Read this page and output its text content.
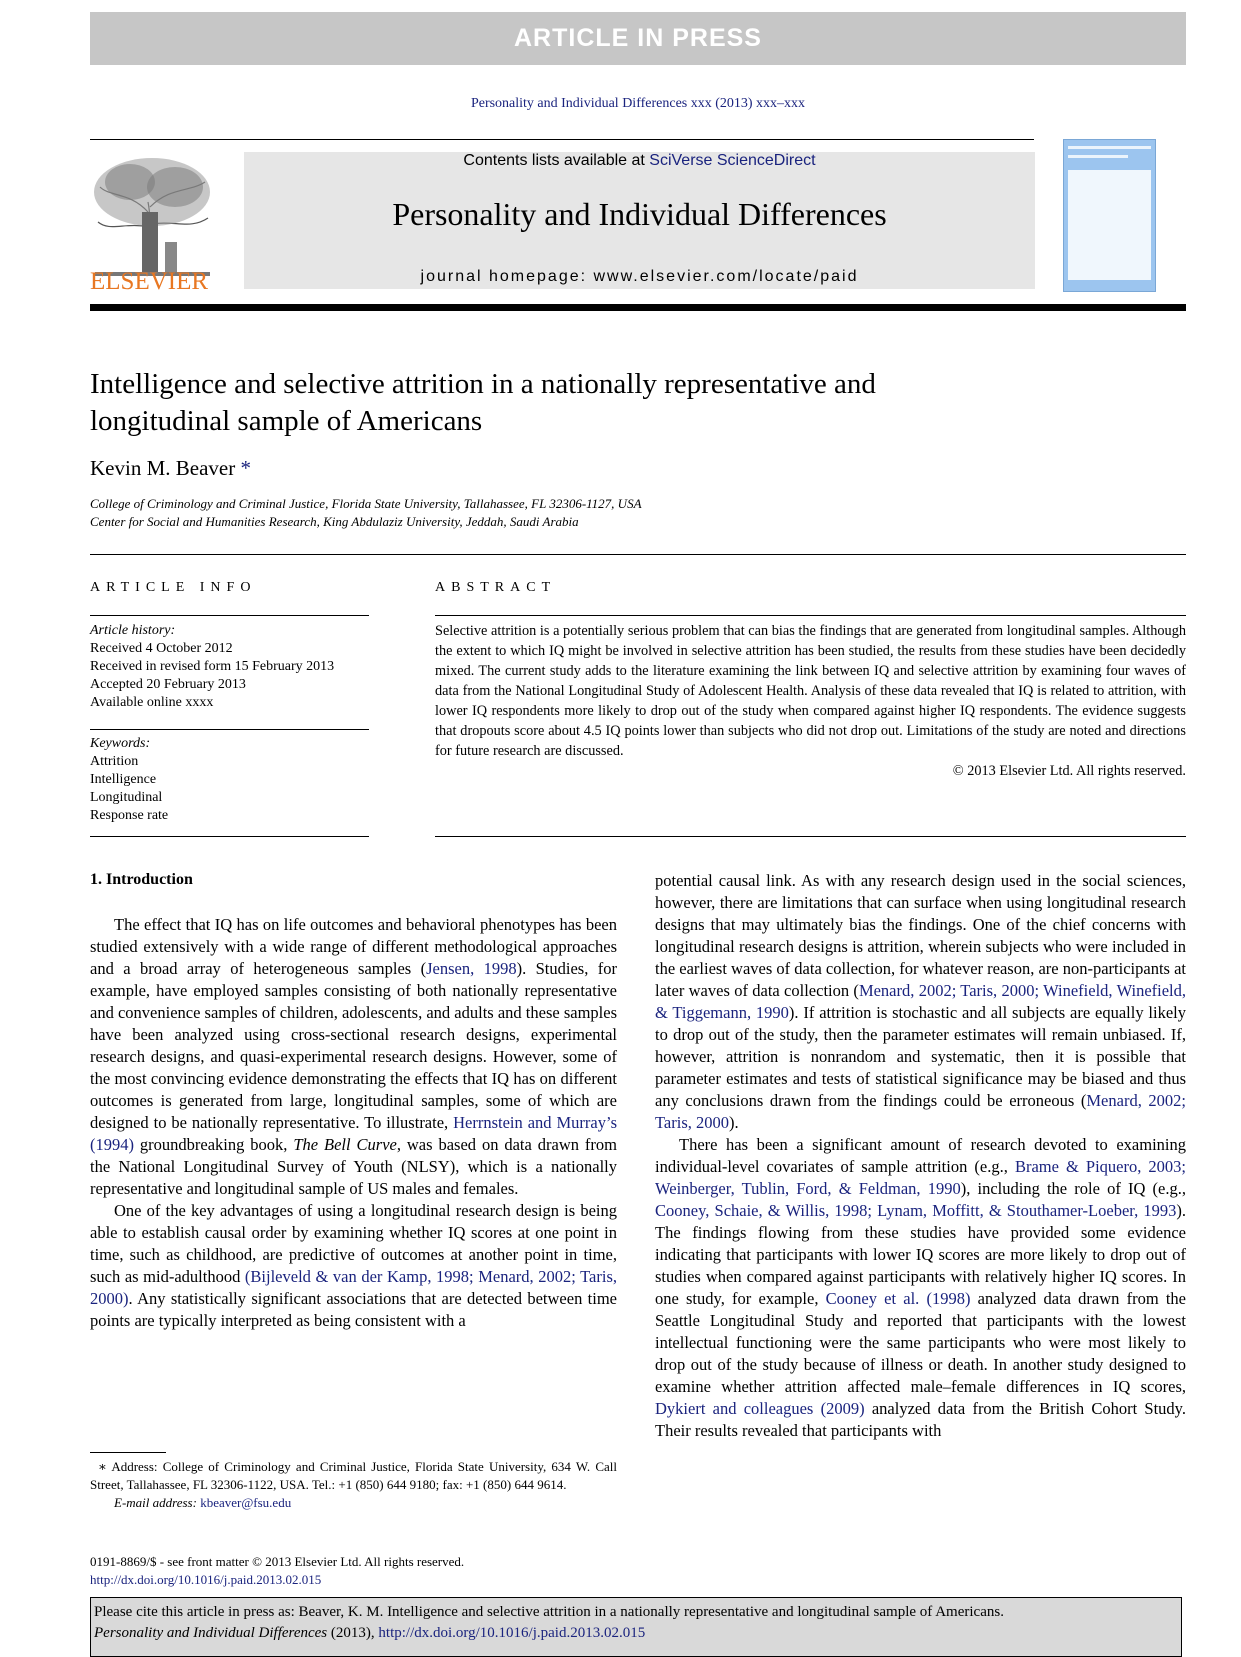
ARTICLE IN PRESS
Personality and Individual Differences xxx (2013) xxx–xxx
ELSEVIER
Contents lists available at SciVerse ScienceDirect
Personality and Individual Differences
journal homepage: www.elsevier.com/locate/paid
Intelligence and selective attrition in a nationally representative and longitudinal sample of Americans
Kevin M. Beaver *
College of Criminology and Criminal Justice, Florida State University, Tallahassee, FL 32306-1127, USA
Center for Social and Humanities Research, King Abdulaziz University, Jeddah, Saudi Arabia
ARTICLE INFO
Article history:
Received 4 October 2012
Received in revised form 15 February 2013
Accepted 20 February 2013
Available online xxxx
Keywords:
Attrition
Intelligence
Longitudinal
Response rate
ABSTRACT
Selective attrition is a potentially serious problem that can bias the findings that are generated from longitudinal samples. Although the extent to which IQ might be involved in selective attrition has been studied, the results from these studies have been decidedly mixed. The current study adds to the literature examining the link between IQ and selective attrition by examining four waves of data from the National Longitudinal Study of Adolescent Health. Analysis of these data revealed that IQ is related to attrition, with lower IQ respondents more likely to drop out of the study when compared against higher IQ respondents. The evidence suggests that dropouts score about 4.5 IQ points lower than subjects who did not drop out. Limitations of the study are noted and directions for future research are discussed.
© 2013 Elsevier Ltd. All rights reserved.
1. Introduction

The effect that IQ has on life outcomes and behavioral phenotypes has been studied extensively with a wide range of different methodological approaches and a broad array of heterogeneous samples (Jensen, 1998). Studies, for example, have employed samples consisting of both nationally representative and convenience samples of children, adolescents, and adults and these samples have been analyzed using cross-sectional research designs, experimental research designs, and quasi-experimental research designs. However, some of the most convincing evidence demonstrating the effects that IQ has on different outcomes is generated from large, longitudinal samples, some of which are designed to be nationally representative. To illustrate, Herrnstein and Murray’s (1994) groundbreaking book, The Bell Curve, was based on data drawn from the National Longitudinal Survey of Youth (NLSY), which is a nationally representative and longitudinal sample of US males and females.

One of the key advantages of using a longitudinal research design is being able to establish causal order by examining whether IQ scores at one point in time, such as childhood, are predictive of outcomes at another point in time, such as mid-adulthood (Bijleveld & van der Kamp, 1998; Menard, 2002; Taris, 2000). Any statistically significant associations that are detected between time points are typically interpreted as being consistent with a

potential causal link. As with any research design used in the social sciences, however, there are limitations that can surface when using longitudinal research designs that may ultimately bias the findings. One of the chief concerns with longitudinal research designs is attrition, wherein subjects who were included in the earliest waves of data collection, for whatever reason, are non-participants at later waves of data collection (Menard, 2002; Taris, 2000; Winefield, Winefield, & Tiggemann, 1990). If attrition is stochastic and all subjects are equally likely to drop out of the study, then the parameter estimates will remain unbiased. If, however, attrition is nonrandom and systematic, then it is possible that parameter estimates and tests of statistical significance may be biased and thus any conclusions drawn from the findings could be erroneous (Menard, 2002; Taris, 2000).

There has been a significant amount of research devoted to examining individual-level covariates of sample attrition (e.g., Brame & Piquero, 2003; Weinberger, Tublin, Ford, & Feldman, 1990), including the role of IQ (e.g., Cooney, Schaie, & Willis, 1998; Lynam, Moffitt, & Stouthamer-Loeber, 1993). The findings flowing from these studies have provided some evidence indicating that participants with lower IQ scores are more likely to drop out of studies when compared against participants with relatively higher IQ scores. In one study, for example, Cooney et al. (1998) analyzed data drawn from the Seattle Longitudinal Study and reported that participants with the lowest intellectual functioning were the same participants who were most likely to drop out of the study because of illness or death. In another study designed to examine whether attrition affected male–female differences in IQ scores, Dykiert and colleagues (2009) analyzed data from the British Cohort Study. Their results revealed that participants with

∗ Address: College of Criminology and Criminal Justice, Florida State University, 634 W. Call Street, Tallahassee, FL 32306-1122, USA. Tel.: +1 (850) 644 9180; fax: +1 (850) 644 9614.
E-mail address: kbeaver@fsu.edu
0191-8869/$ - see front matter © 2013 Elsevier Ltd. All rights reserved.
http://dx.doi.org/10.1016/j.paid.2013.02.015
Please cite this article in press as: Beaver, K. M. Intelligence and selective attrition in a nationally representative and longitudinal sample of Americans.
Personality and Individual Differences (2013), http://dx.doi.org/10.1016/j.paid.2013.02.015
